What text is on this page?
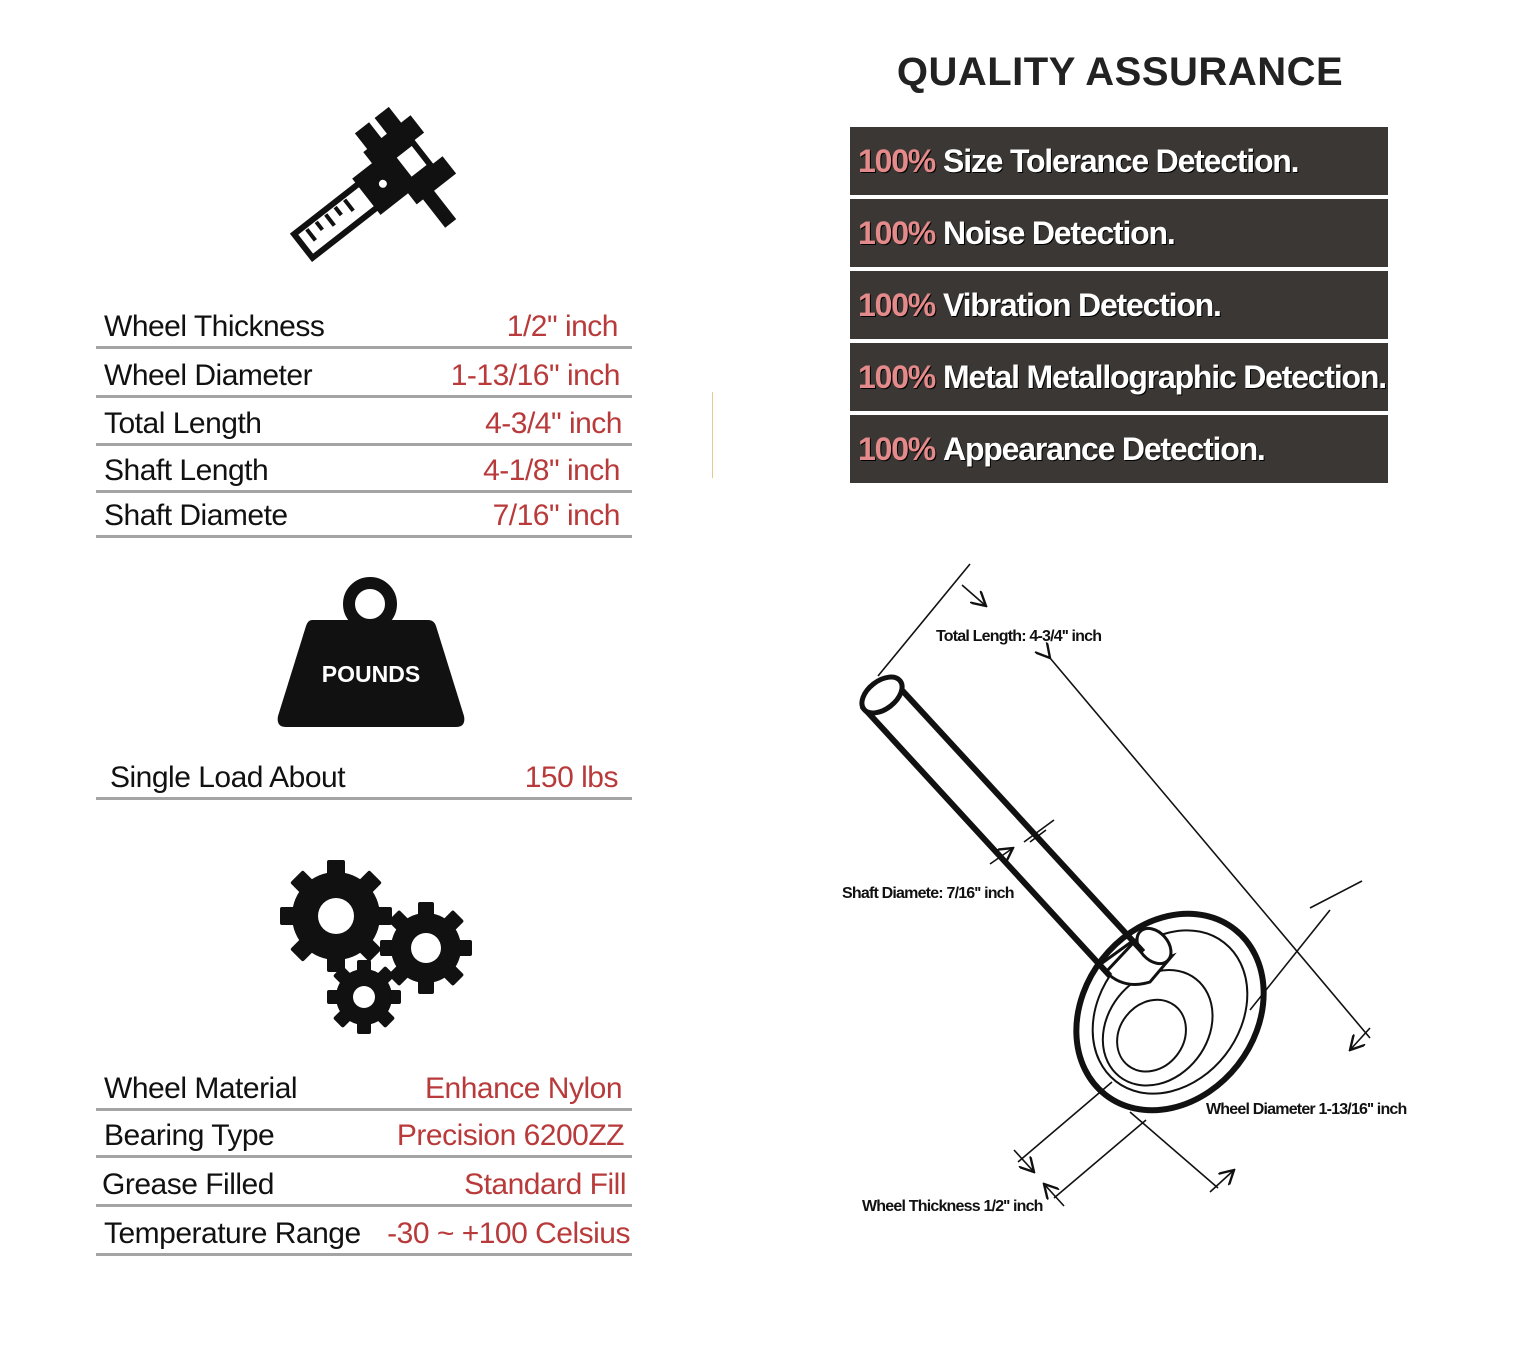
Wheel Thickness	1/2" inch
Wheel Diameter	1-13/16" inch
Total Length	4-3/4" inch
Shaft Length	4-1/8" inch
Shaft Diamete	7/16" inch
POUNDS
Single Load About	150 lbs
Wheel Material	Enhance Nylon
Bearing Type	Precision 6200ZZ
Grease Filled	Standard Fill
Temperature Range -30 ~ +100 Celsius
QUALITY ASSURANCE
100% Size Tolerance Detection.
100% Noise Detection.
100% Vibration Detection.
100% Metal Metallographic Detection.
100% Appearance Detection.
Total Length: 4-3/4'' inch
Shaft Diamete: 7/16'' inch
Wheel Diameter 1-13/16'' inch
Wheel Thickness 1/2'' inch
